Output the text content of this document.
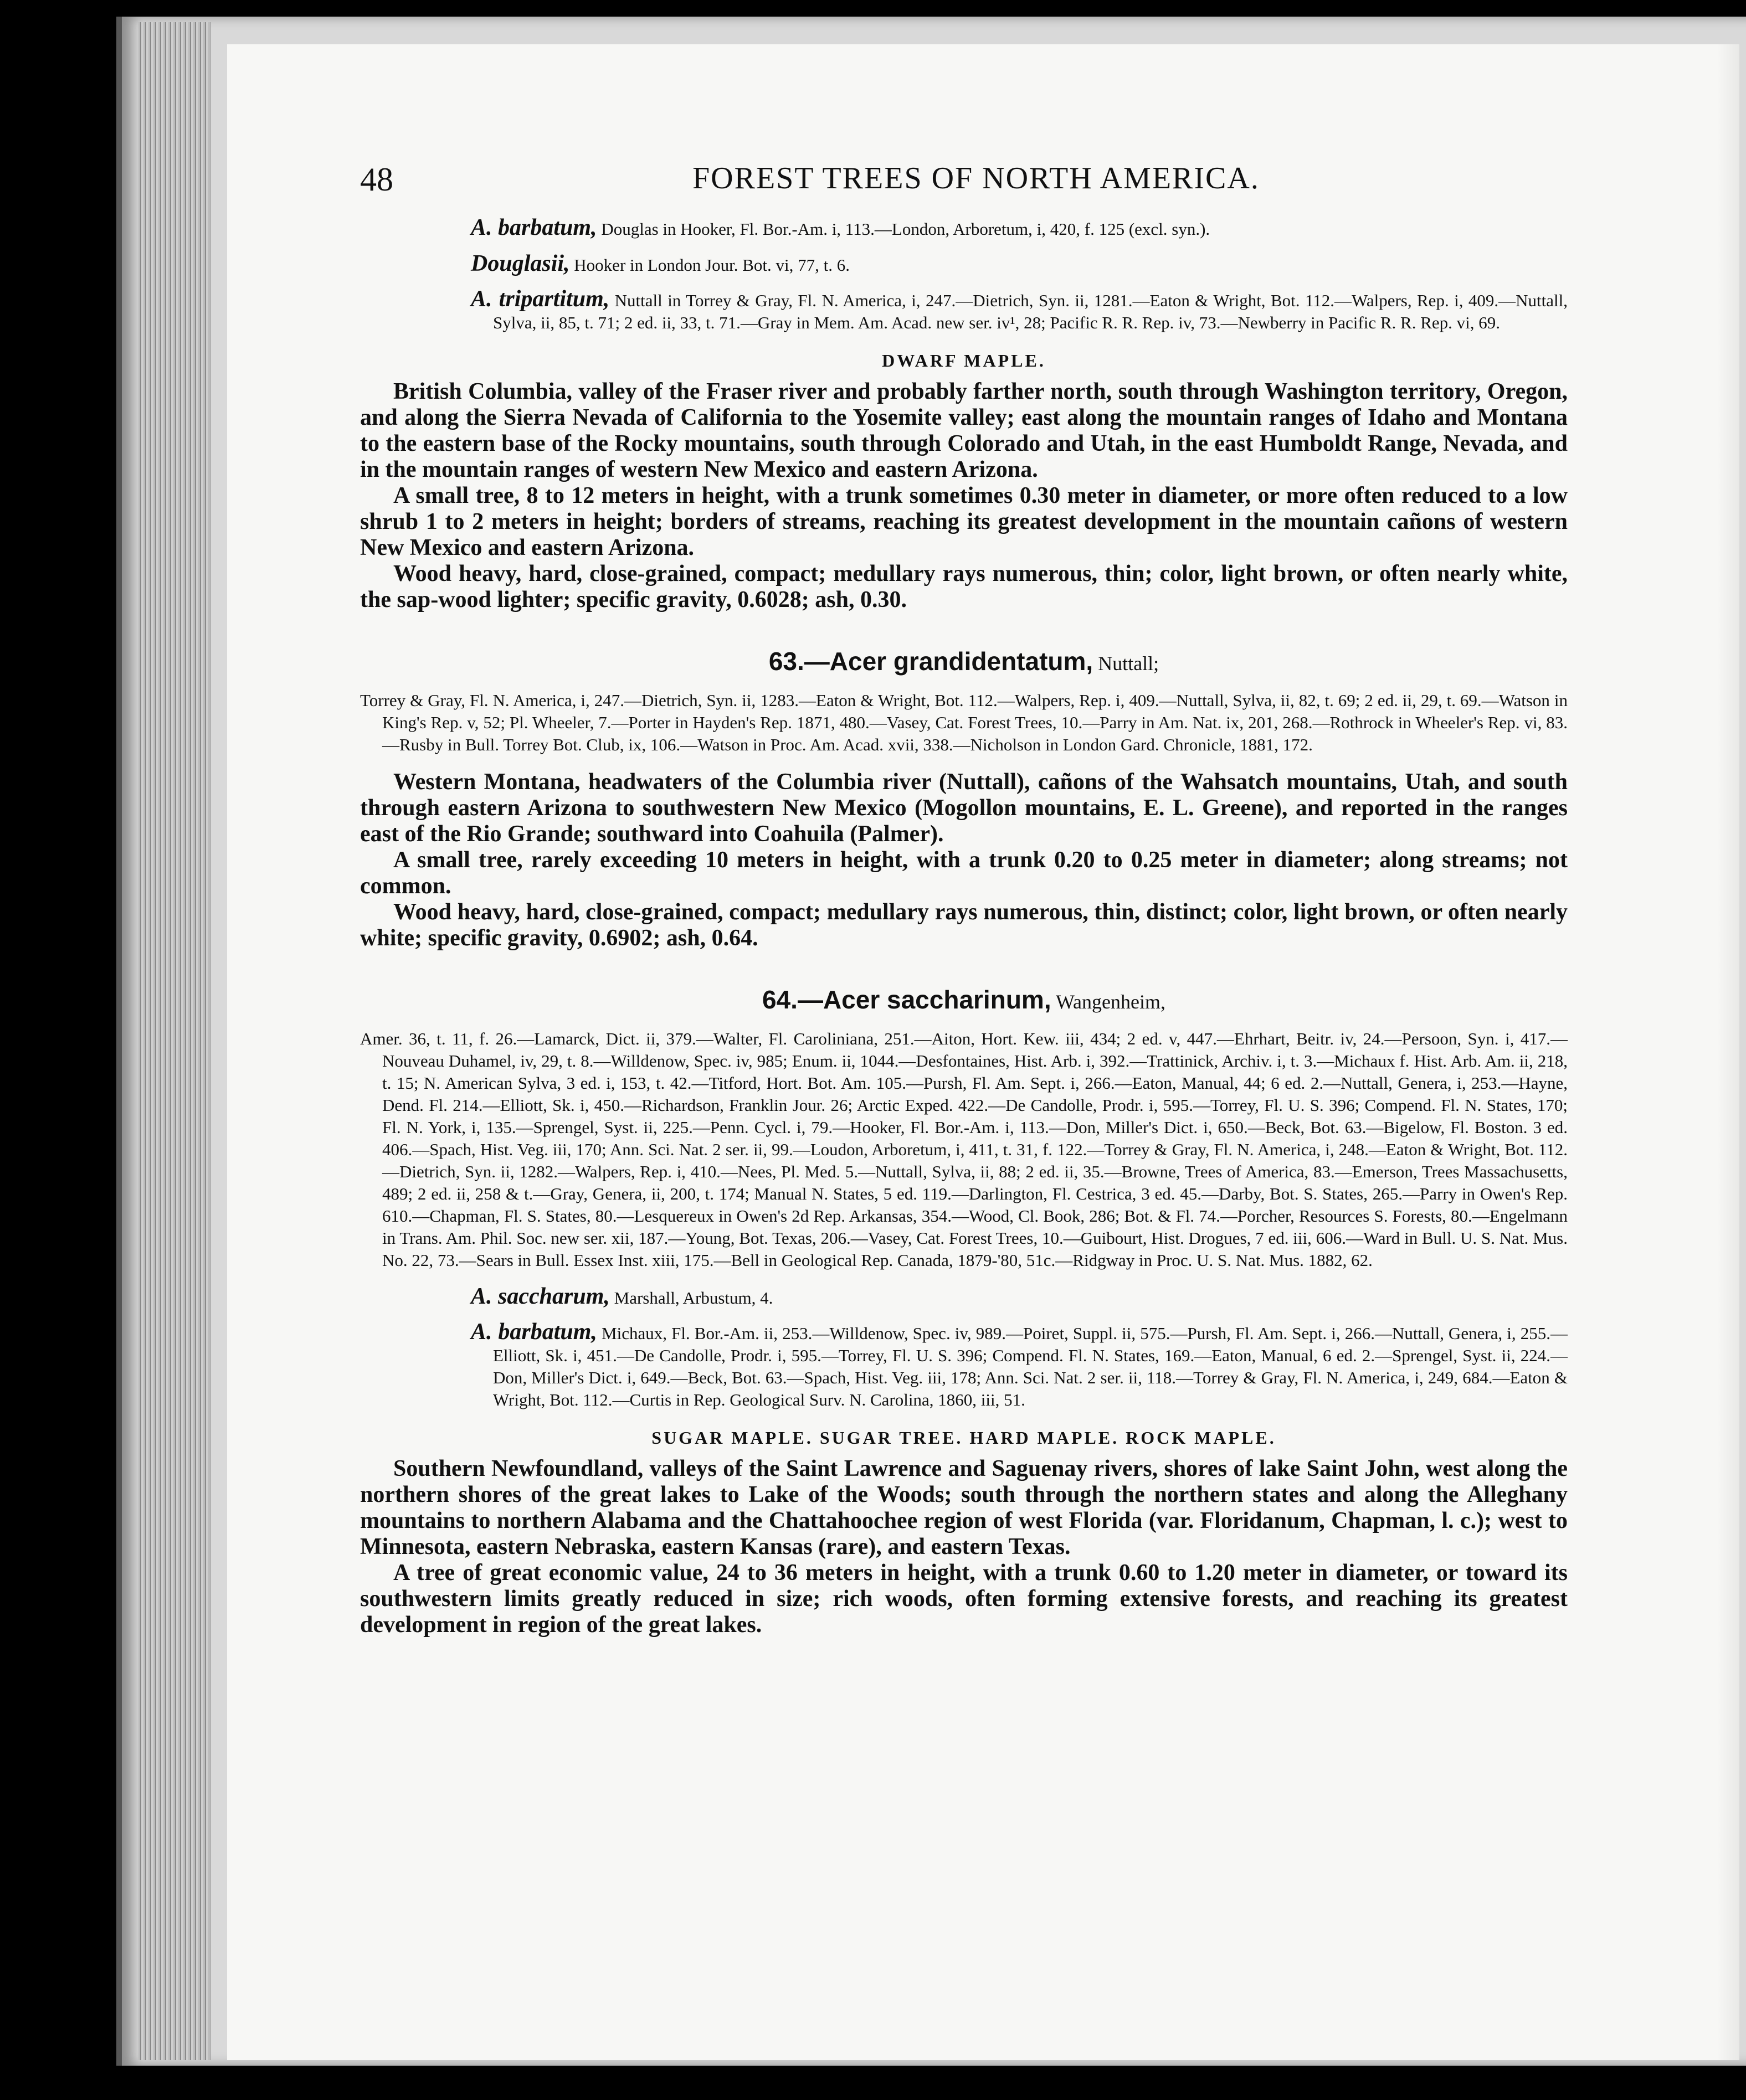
48	FOREST TREES OF NORTH AMERICA.

A. barbatum, Douglas in Hooker, Fl. Bor.-Am. i, 113.—London, Arboretum, i, 420, f. 125 (excl. syn.).

Douglasii, Hooker in London Jour. Bot. vi, 77, t. 6.

A. tripartitum, Nuttall in Torrey & Gray, Fl. N. America, i, 247.—Dietrich, Syn. ii, 1281.—Eaton & Wright, Bot. 112.—Walpers, Rep. i, 409.—Nuttall, Sylva, ii, 85, t. 71; 2 ed. ii, 33, t. 71.—Gray in Mem. Am. Acad. new ser. iv¹, 28; Pacific R. R. Rep. iv, 73.—Newberry in Pacific R. R. Rep. vi, 69.

DWARF MAPLE.

British Columbia, valley of the Fraser river and probably farther north, south through Washington territory, Oregon, and along the Sierra Nevada of California to the Yosemite valley; east along the mountain ranges of Idaho and Montana to the eastern base of the Rocky mountains, south through Colorado and Utah, in the east Humboldt Range, Nevada, and in the mountain ranges of western New Mexico and eastern Arizona.

A small tree, 8 to 12 meters in height, with a trunk sometimes 0.30 meter in diameter, or more often reduced to a low shrub 1 to 2 meters in height; borders of streams, reaching its greatest development in the mountain cañons of western New Mexico and eastern Arizona.

Wood heavy, hard, close-grained, compact; medullary rays numerous, thin; color, light brown, or often nearly white, the sap-wood lighter; specific gravity, 0.6028; ash, 0.30.

63.—Acer grandidentatum, Nuttall;

Torrey & Gray, Fl. N. America, i, 247.—Dietrich, Syn. ii, 1283.—Eaton & Wright, Bot. 112.—Walpers, Rep. i, 409.—Nuttall, Sylva, ii, 82, t. 69; 2 ed. ii, 29, t. 69.—Watson in King's Rep. v, 52; Pl. Wheeler, 7.—Porter in Hayden's Rep. 1871, 480.—Vasey, Cat. Forest Trees, 10.—Parry in Am. Nat. ix, 201, 268.—Rothrock in Wheeler's Rep. vi, 83.—Rusby in Bull. Torrey Bot. Club, ix, 106.—Watson in Proc. Am. Acad. xvii, 338.—Nicholson in London Gard. Chronicle, 1881, 172.

Western Montana, headwaters of the Columbia river (Nuttall), cañons of the Wahsatch mountains, Utah, and south through eastern Arizona to southwestern New Mexico (Mogollon mountains, E. L. Greene), and reported in the ranges east of the Rio Grande; southward into Coahuila (Palmer).

A small tree, rarely exceeding 10 meters in height, with a trunk 0.20 to 0.25 meter in diameter; along streams; not common.

Wood heavy, hard, close-grained, compact; medullary rays numerous, thin, distinct; color, light brown, or often nearly white; specific gravity, 0.6902; ash, 0.64.

64.—Acer saccharinum, Wangenheim,

Amer. 36, t. 11, f. 26.—Lamarck, Dict. ii, 379.—Walter, Fl. Caroliniana, 251.—Aiton, Hort. Kew. iii, 434; 2 ed. v, 447.—Ehrhart, Beitr. iv, 24.—Persoon, Syn. i, 417.—Nouveau Duhamel, iv, 29, t. 8.—Willdenow, Spec. iv, 985; Enum. ii, 1044.—Desfontaines, Hist. Arb. i, 392.—Trattinick, Archiv. i, t. 3.—Michaux f. Hist. Arb. Am. ii, 218, t. 15; N. American Sylva, 3 ed. i, 153, t. 42.—Titford, Hort. Bot. Am. 105.—Pursh, Fl. Am. Sept. i, 266.—Eaton, Manual, 44; 6 ed. 2.—Nuttall, Genera, i, 253.—Hayne, Dend. Fl. 214.—Elliott, Sk. i, 450.—Richardson, Franklin Jour. 26; Arctic Exped. 422.—De Candolle, Prodr. i, 595.—Torrey, Fl. U. S. 396; Compend. Fl. N. States, 170; Fl. N. York, i, 135.—Sprengel, Syst. ii, 225.—Penn. Cycl. i, 79.—Hooker, Fl. Bor.-Am. i, 113.—Don, Miller's Dict. i, 650.—Beck, Bot. 63.—Bigelow, Fl. Boston. 3 ed. 406.—Spach, Hist. Veg. iii, 170; Ann. Sci. Nat. 2 ser. ii, 99.—Loudon, Arboretum, i, 411, t. 31, f. 122.—Torrey & Gray, Fl. N. America, i, 248.—Eaton & Wright, Bot. 112.—Dietrich, Syn. ii, 1282.—Walpers, Rep. i, 410.—Nees, Pl. Med. 5.—Nuttall, Sylva, ii, 88; 2 ed. ii, 35.—Browne, Trees of America, 83.—Emerson, Trees Massachusetts, 489; 2 ed. ii, 258 & t.—Gray, Genera, ii, 200, t. 174; Manual N. States, 5 ed. 119.—Darlington, Fl. Cestrica, 3 ed. 45.—Darby, Bot. S. States, 265.—Parry in Owen's Rep. 610.—Chapman, Fl. S. States, 80.—Lesquereux in Owen's 2d Rep. Arkansas, 354.—Wood, Cl. Book, 286; Bot. & Fl. 74.—Porcher, Resources S. Forests, 80.—Engelmann in Trans. Am. Phil. Soc. new ser. xii, 187.—Young, Bot. Texas, 206.—Vasey, Cat. Forest Trees, 10.—Guibourt, Hist. Drogues, 7 ed. iii, 606.—Ward in Bull. U. S. Nat. Mus. No. 22, 73.—Sears in Bull. Essex Inst. xiii, 175.—Bell in Geological Rep. Canada, 1879-'80, 51c.—Ridgway in Proc. U. S. Nat. Mus. 1882, 62.

A. saccharum, Marshall, Arbustum, 4.

A. barbatum, Michaux, Fl. Bor.-Am. ii, 253.—Willdenow, Spec. iv, 989.—Poiret, Suppl. ii, 575.—Pursh, Fl. Am. Sept. i, 266.—Nuttall, Genera, i, 255.—Elliott, Sk. i, 451.—De Candolle, Prodr. i, 595.—Torrey, Fl. U. S. 396; Compend. Fl. N. States, 169.—Eaton, Manual, 6 ed. 2.—Sprengel, Syst. ii, 224.—Don, Miller's Dict. i, 649.—Beck, Bot. 63.—Spach, Hist. Veg. iii, 178; Ann. Sci. Nat. 2 ser. ii, 118.—Torrey & Gray, Fl. N. America, i, 249, 684.—Eaton & Wright, Bot. 112.—Curtis in Rep. Geological Surv. N. Carolina, 1860, iii, 51.

SUGAR MAPLE. SUGAR TREE. HARD MAPLE. ROCK MAPLE.

Southern Newfoundland, valleys of the Saint Lawrence and Saguenay rivers, shores of lake Saint John, west along the northern shores of the great lakes to Lake of the Woods; south through the northern states and along the Alleghany mountains to northern Alabama and the Chattahoochee region of west Florida (var. Floridanum, Chapman, l. c.); west to Minnesota, eastern Nebraska, eastern Kansas (rare), and eastern Texas.

A tree of great economic value, 24 to 36 meters in height, with a trunk 0.60 to 1.20 meter in diameter, or toward its southwestern limits greatly reduced in size; rich woods, often forming extensive forests, and reaching its greatest development in region of the great lakes.
